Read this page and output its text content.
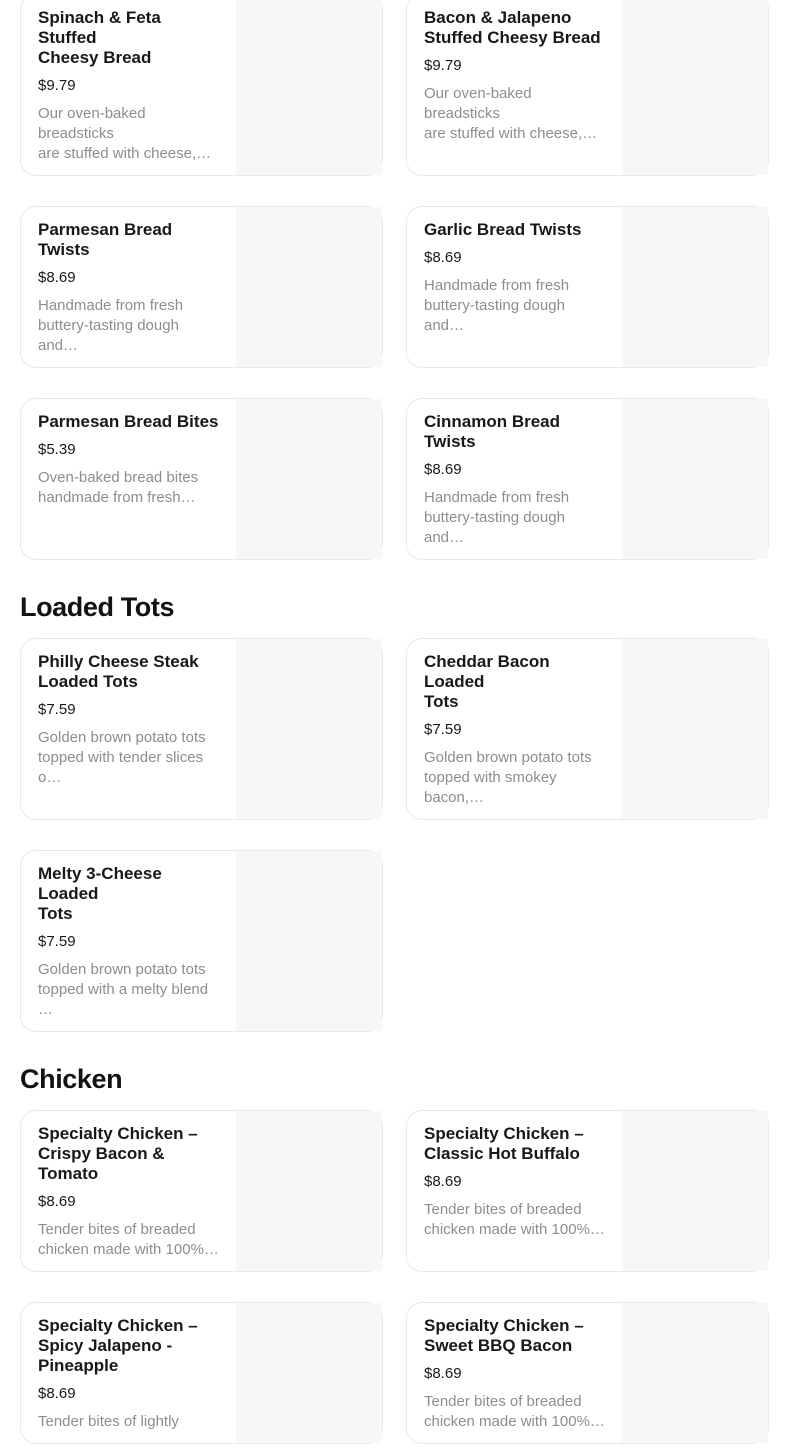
Spinach & Feta Stuffed
Cheesy Bread
$9.79
Our oven-baked breadsticks
are stuffed with cheese,…
Bacon & Jalapeno
Stuffed Cheesy Bread
$9.79
Our oven-baked breadsticks
are stuffed with cheese,…
Parmesan Bread Twists
$8.69
Handmade from fresh
buttery-tasting dough and…
Garlic Bread Twists
$8.69
Handmade from fresh
buttery-tasting dough and…
Parmesan Bread Bites
$5.39
Oven-baked bread bites
handmade from fresh…
Cinnamon Bread Twists
$8.69
Handmade from fresh
buttery-tasting dough and…
Loaded Tots
Philly Cheese Steak
Loaded Tots
$7.59
Golden brown potato tots
topped with tender slices o…
Cheddar Bacon Loaded
Tots
$7.59
Golden brown potato tots
topped with smokey bacon,…
Melty 3-Cheese Loaded
Tots
$7.59
Golden brown potato tots
topped with a melty blend …
Chicken
Specialty Chicken –
Crispy Bacon & Tomato
$8.69
Tender bites of breaded
chicken made with 100%…
Specialty Chicken –
Classic Hot Buffalo
$8.69
Tender bites of breaded
chicken made with 100%…
Specialty Chicken –
Spicy Jalapeno -
Pineapple
$8.69
Tender bites of lightly
Specialty Chicken –
Sweet BBQ Bacon
$8.69
Tender bites of breaded
chicken made with 100%…
